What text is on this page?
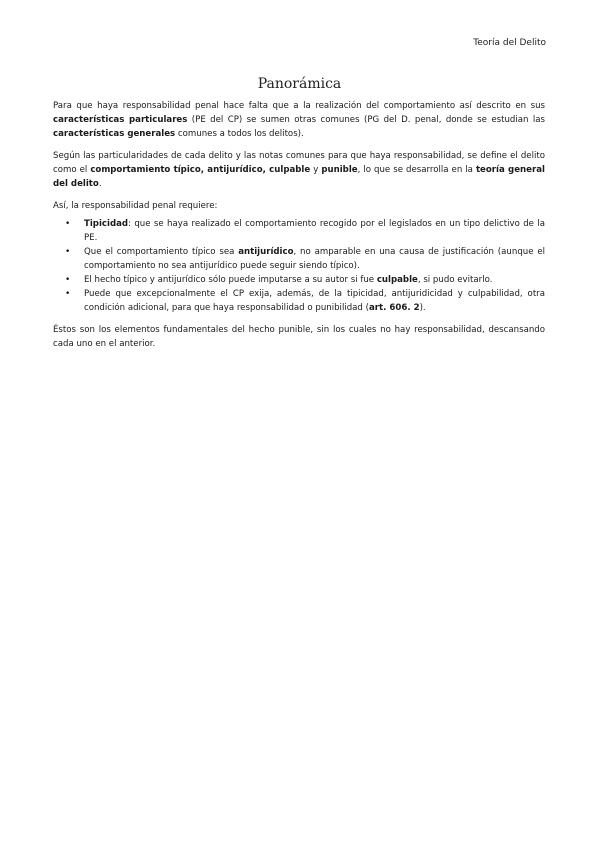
Teoría del Delito
Panorámica

Para que haya responsabilidad penal hace falta que a la realización del comportamiento así descrito en sus características particulares (PE del CP) se sumen otras comunes (PG del D. penal, donde se estudian las características generales comunes a todos los delitos).

Según las particularidades de cada delito y las notas comunes para que haya responsabilidad, se define el delito como el comportamiento típico, antijurídico, culpable y punible, lo que se desarrolla en la teoría general del delito.

Así, la responsabilidad penal requiere:

• Tipicidad: que se haya realizado el comportamiento recogido por el legislados en un tipo delictivo de la PE.
• Que el comportamiento típico sea antijurídico, no amparable en una causa de justificación (aunque el comportamiento no sea antijurídico puede seguir siendo típico).
• El hecho típico y antijurídico sólo puede imputarse a su autor si fue culpable, si pudo evitarlo.
• Puede que excepcionalmente el CP exija, además, de la tipicidad, antijuridicidad y culpabilidad, otra condición adicional, para que haya responsabilidad o punibilidad (art. 606. 2).

Éstos son los elementos fundamentales del hecho punible, sin los cuales no hay responsabilidad, descansando cada uno en el anterior.
